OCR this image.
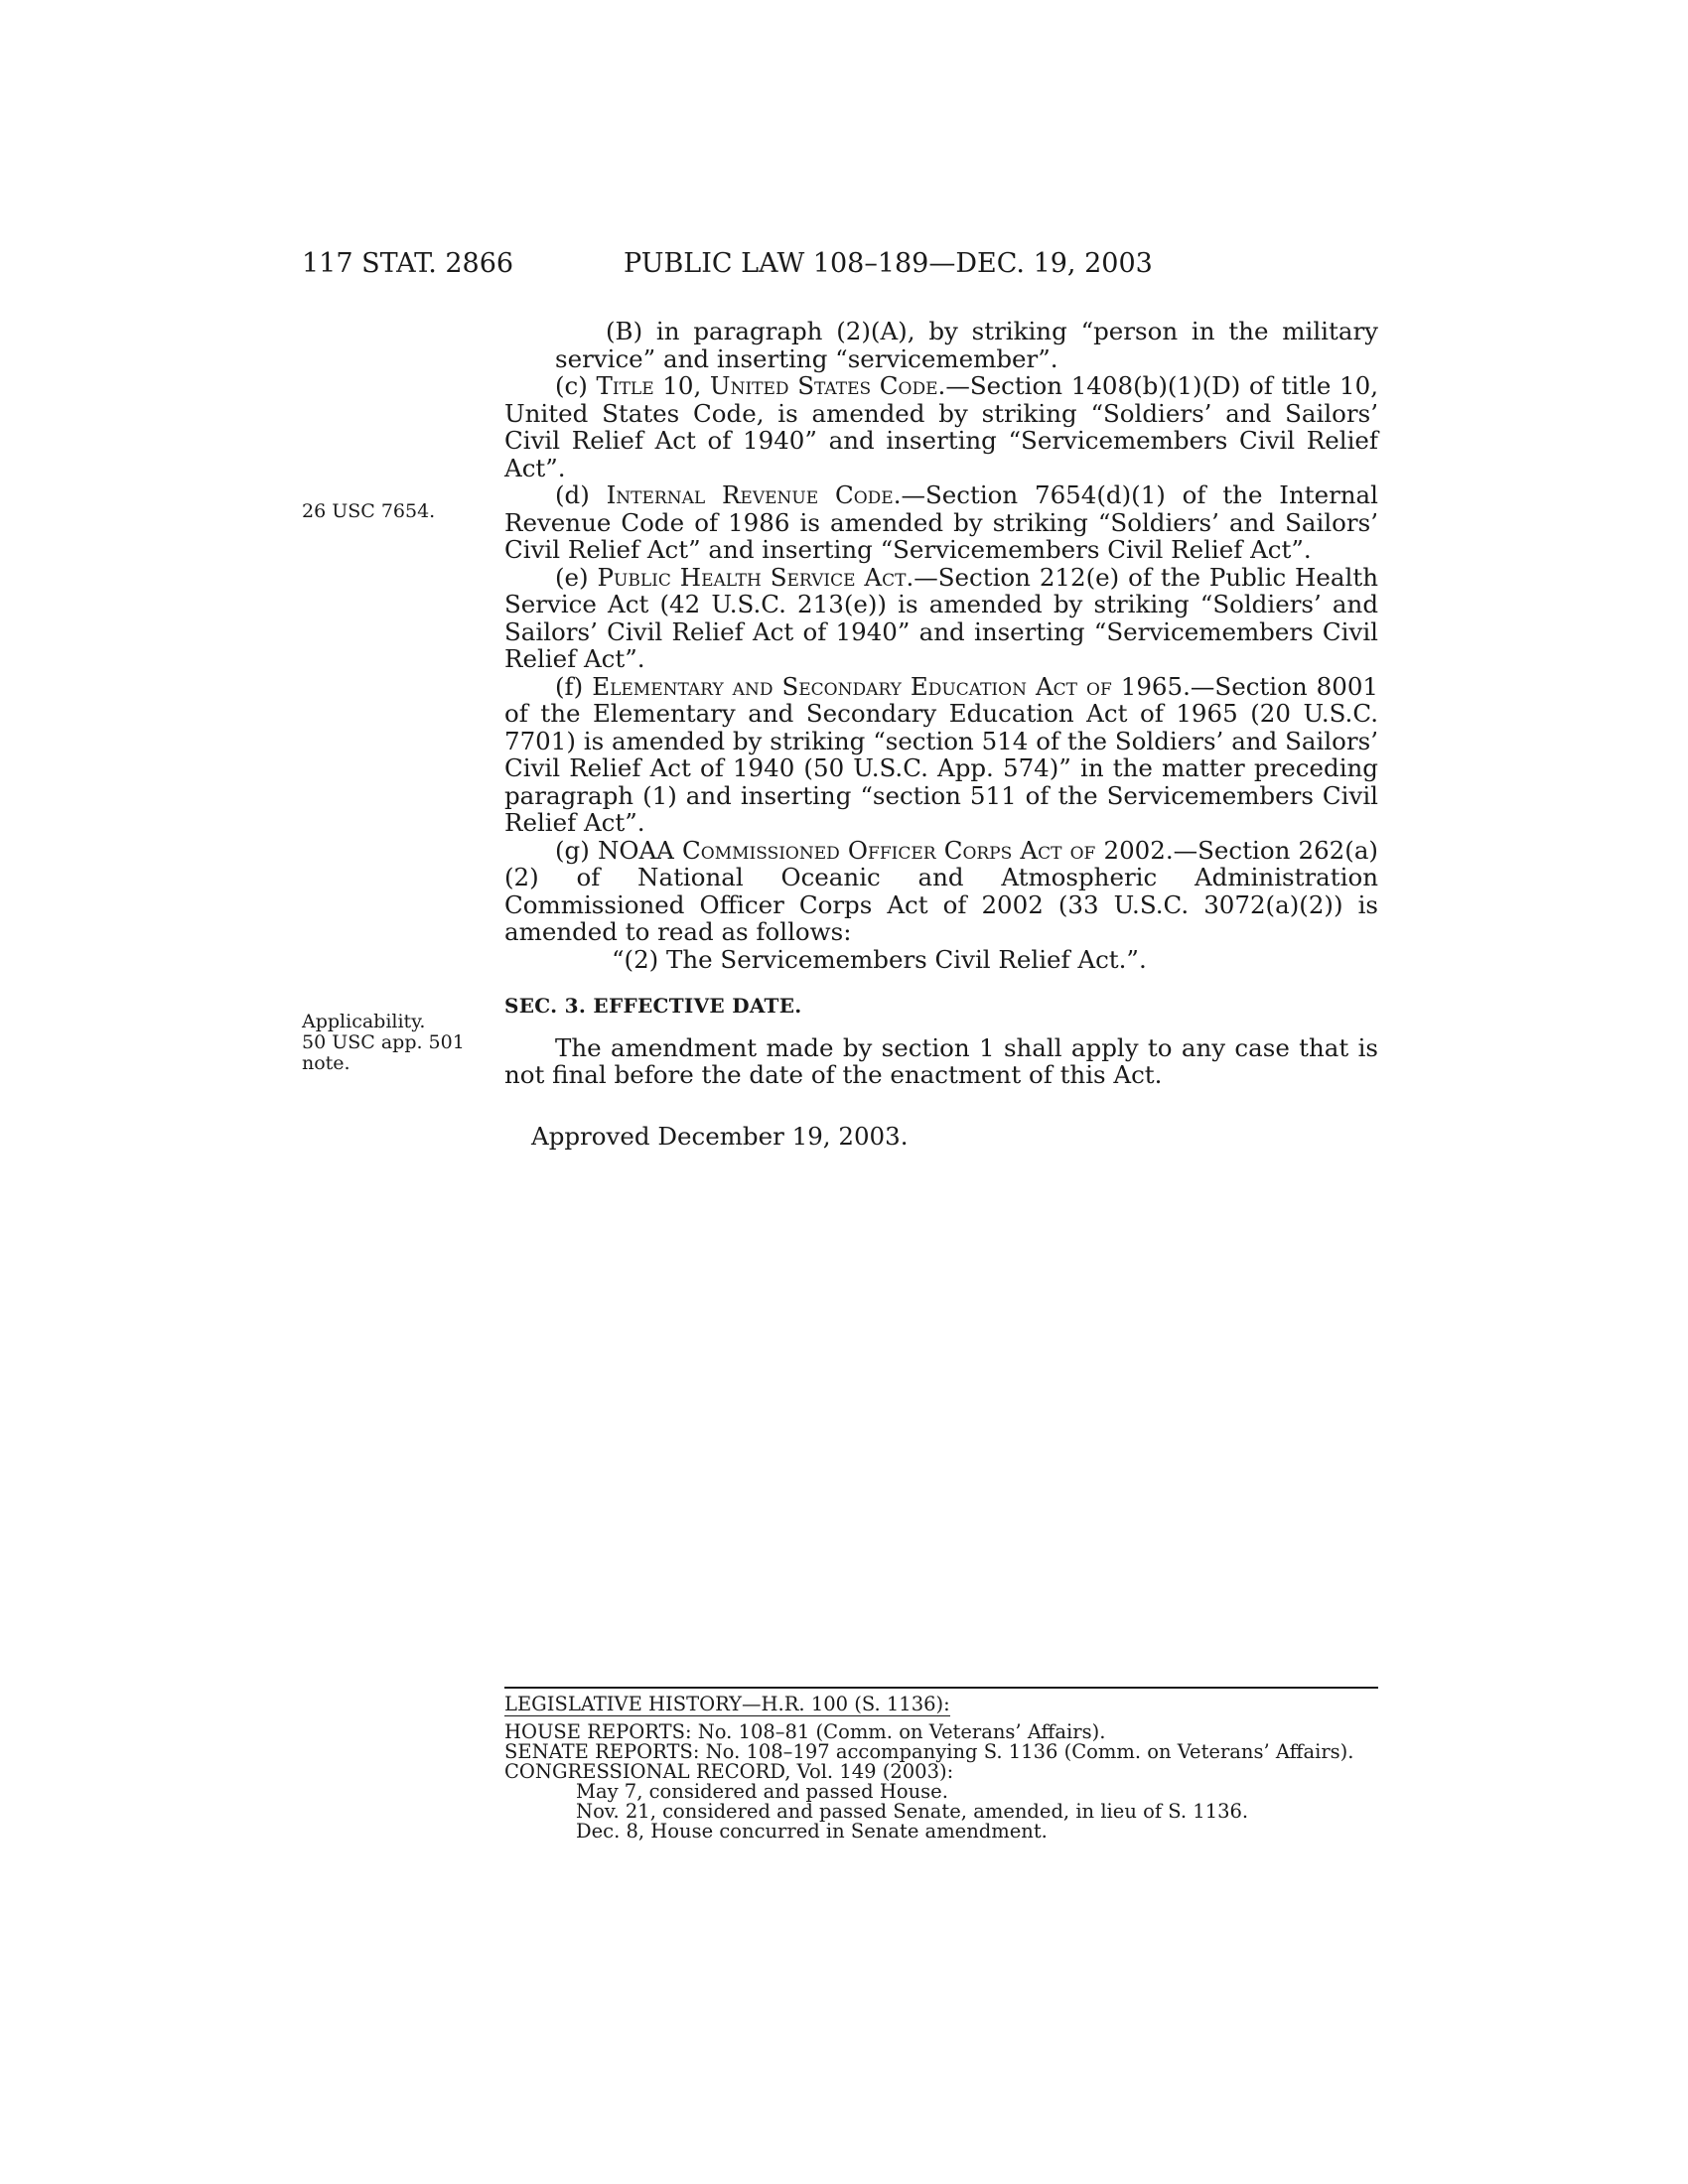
117 STAT. 2866	PUBLIC LAW 108–189—DEC. 19, 2003
26 USC 7654.
Applicability.
50 USC app. 501
note.

(B) in paragraph (2)(A), by striking “person in the military service” and inserting “servicemember”.

(c) Title 10, United States Code.—Section 1408(b)(1)(D) of title 10, United States Code, is amended by striking “Soldiers’ and Sailors’ Civil Relief Act of 1940” and inserting “Servicemembers Civil Relief Act”.

(d) Internal Revenue Code.—Section 7654(d)(1) of the Internal Revenue Code of 1986 is amended by striking “Soldiers’ and Sailors’ Civil Relief Act” and inserting “Servicemembers Civil Relief Act”.

(e) Public Health Service Act.—Section 212(e) of the Public Health Service Act (42 U.S.C. 213(e)) is amended by striking “Soldiers’ and Sailors’ Civil Relief Act of 1940” and inserting “Servicemembers Civil Relief Act”.

(f) Elementary and Secondary Education Act of 1965.—Section 8001 of the Elementary and Secondary Education Act of 1965 (20 U.S.C. 7701) is amended by striking “section 514 of the Soldiers’ and Sailors’ Civil Relief Act of 1940 (50 U.S.C. App. 574)” in the matter preceding paragraph (1) and inserting “section 511 of the Servicemembers Civil Relief Act”.

(g) NOAA Commissioned Officer Corps Act of 2002.—Section 262(a)(2) of National Oceanic and Atmospheric Administration Commissioned Officer Corps Act of 2002 (33 U.S.C. 3072(a)(2)) is amended to read as follows:

“(2) The Servicemembers Civil Relief Act.”.

SEC. 3. EFFECTIVE DATE.

The amendment made by section 1 shall apply to any case that is not final before the date of the enactment of this Act.

Approved December 19, 2003.

LEGISLATIVE HISTORY—H.R. 100 (S. 1136):

HOUSE REPORTS: No. 108–81 (Comm. on Veterans’ Affairs).

SENATE REPORTS: No. 108–197 accompanying S. 1136 (Comm. on Veterans’ Affairs).

CONGRESSIONAL RECORD, Vol. 149 (2003):

May 7, considered and passed House.

Nov. 21, considered and passed Senate, amended, in lieu of S. 1136.

Dec. 8, House concurred in Senate amendment.
